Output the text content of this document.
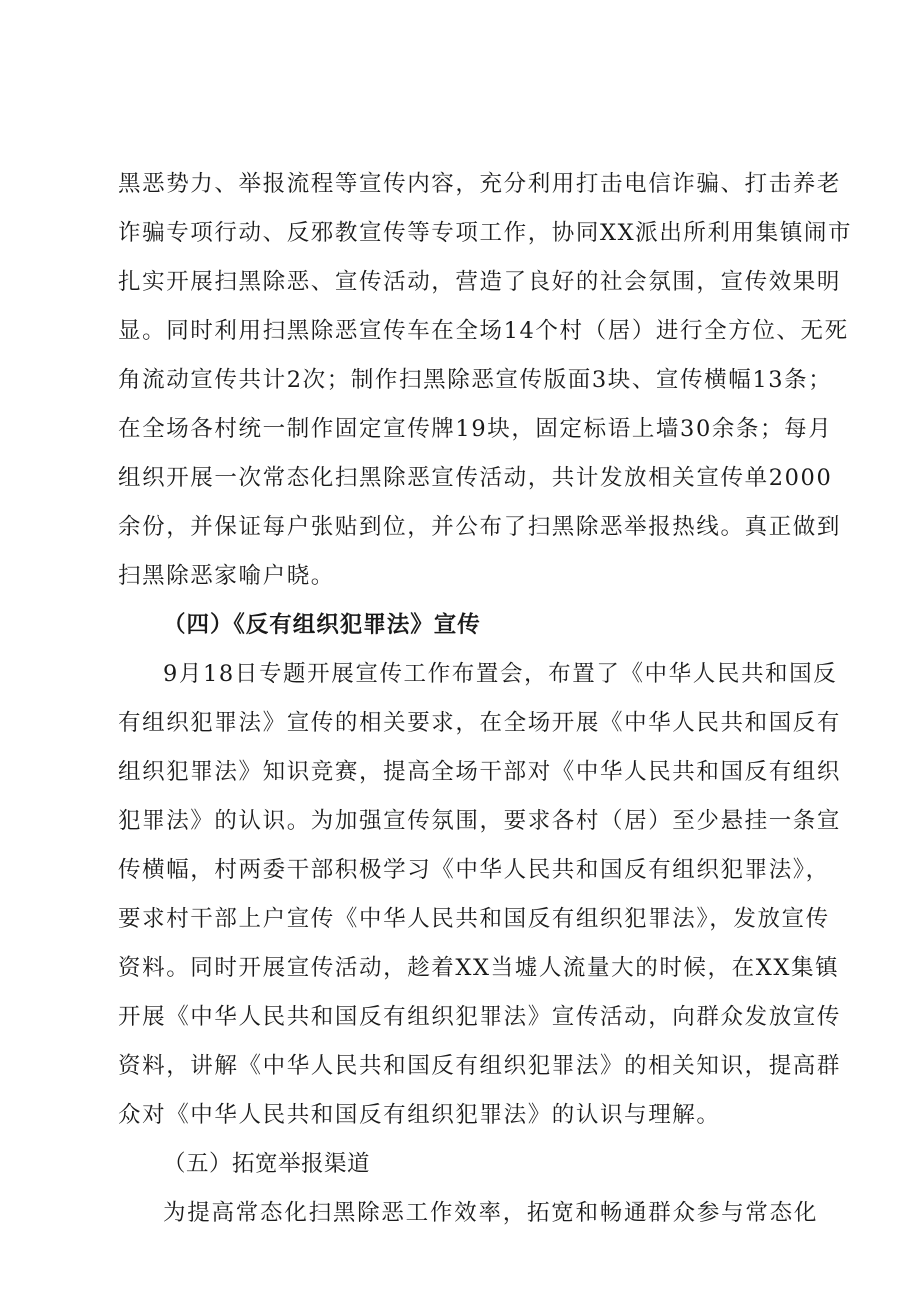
黑恶势力、举报流程等宣传内容，充分利用打击电信诈骗、打击养老
诈骗专项行动、反邪教宣传等专项工作，协同XX派出所利用集镇闹市
扎实开展扫黑除恶、宣传活动，营造了良好的社会氛围，宣传效果明
显。同时利用扫黑除恶宣传车在全场14个村（居）进行全方位、无死
角流动宣传共计2次；制作扫黑除恶宣传版面3块、宣传横幅13条；
在全场各村统一制作固定宣传牌19块，固定标语上墙30余条；每月
组织开展一次常态化扫黑除恶宣传活动，共计发放相关宣传单2000
余份，并保证每户张贴到位，并公布了扫黑除恶举报热线。真正做到
扫黑除恶家喻户晓。
（四）《反有组织犯罪法》宣传
9月18日专题开展宣传工作布置会，布置了《中华人民共和国反
有组织犯罪法》宣传的相关要求，在全场开展《中华人民共和国反有
组织犯罪法》知识竞赛，提高全场干部对《中华人民共和国反有组织
犯罪法》的认识。为加强宣传氛围，要求各村（居）至少悬挂一条宣
传横幅，村两委干部积极学习《中华人民共和国反有组织犯罪法》，
要求村干部上户宣传《中华人民共和国反有组织犯罪法》，发放宣传
资料。同时开展宣传活动，趁着XX当墟人流量大的时候，在XX集镇
开展《中华人民共和国反有组织犯罪法》宣传活动，向群众发放宣传
资料，讲解《中华人民共和国反有组织犯罪法》的相关知识，提高群
众对《中华人民共和国反有组织犯罪法》的认识与理解。
（五）拓宽举报渠道
为提高常态化扫黑除恶工作效率，拓宽和畅通群众参与常态化
